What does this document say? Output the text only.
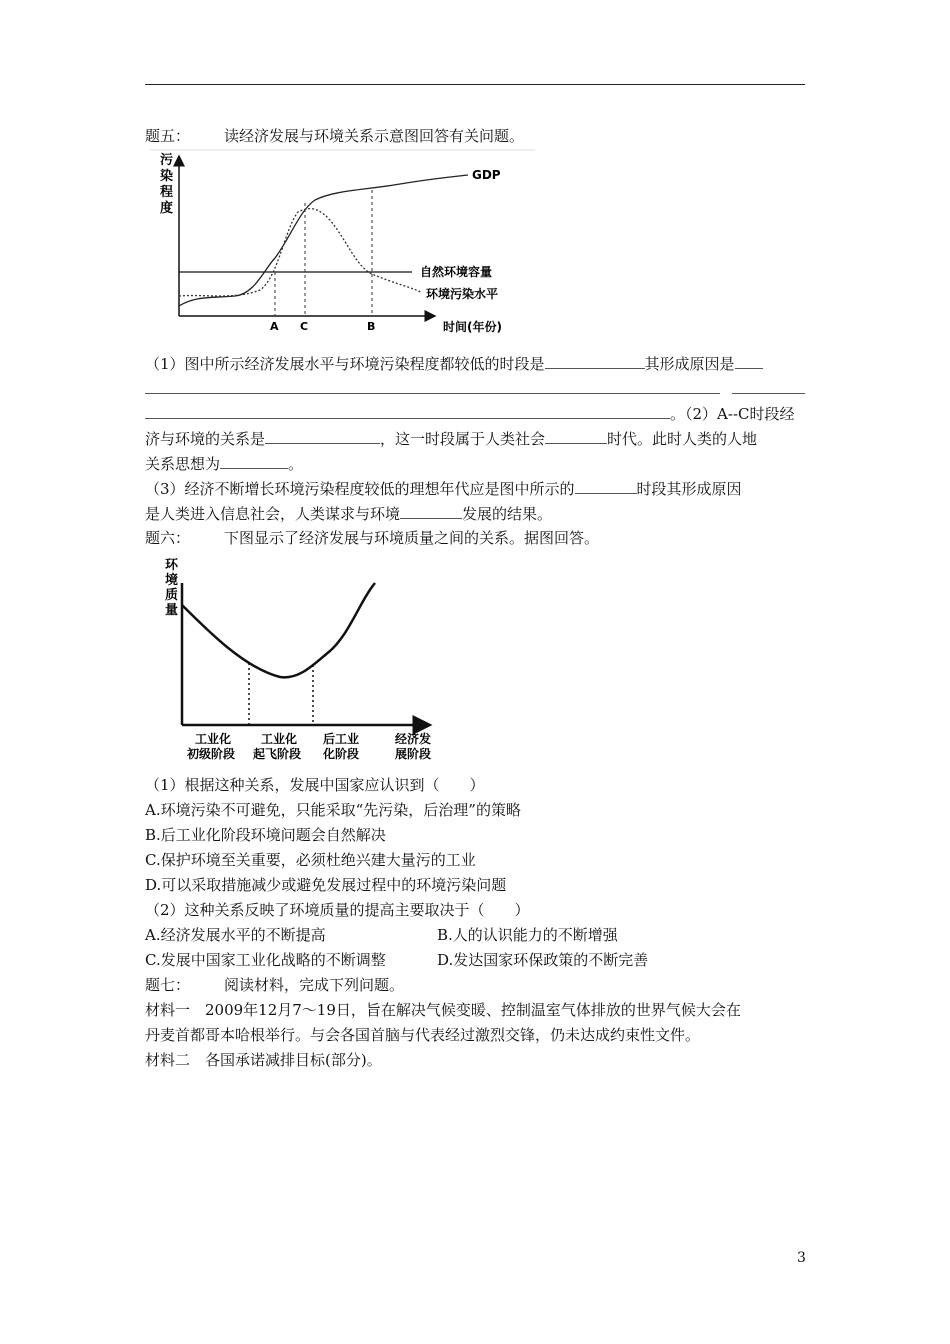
题五： 读经济发展与环境关系示意图回答有关问题。
污
染
程
度
自然环境容量
GDP
环境污染水平
A C	B	时间(年份)
（1）图中所示经济发展水平与环境污染程度都较低的时段是	其形成原因是
。（2）A--C时段经
济与环境的关系是	，这一时段属于人类社会	时代。此时人类的人地
关系思想为	。
（3）经济不断增长环境污染程度较低的理想年代应是图中所示的	时段其形成原因
是人类进入信息社会，人类谋求与环境	发展的结果。
题六： 下图显示了经济发展与环境质量之间的关系。据图回答。
环
境
质
量
工业化
初级阶段
工业化
起飞阶段
后工业
化阶段
经济发
展阶段
（1）根据这种关系，发展中国家应认识到（　　）
A.环境污染不可避免，只能采取“先污染，后治理”的策略
B.后工业化阶段环境问题会自然解决
C.保护环境至关重要，必须杜绝兴建大量污的工业
D.可以采取措施减少或避免发展过程中的环境污染问题
（2）这种关系反映了环境质量的提高主要取决于（　　）
A.经济发展水平的不断提高	B.人的认识能力的不断增强
C.发展中国家工业化战略的不断调整	D.发达国家环保政策的不断完善
题七： 阅读材料，完成下列问题。
材料一　2009年12月7～19日，旨在解决气候变暖、控制温室气体排放的世界气候大会在
丹麦首都哥本哈根举行。与会各国首脑与代表经过激烈交锋，仍未达成约束性文件。
材料二　各国承诺减排目标(部分)。
3
